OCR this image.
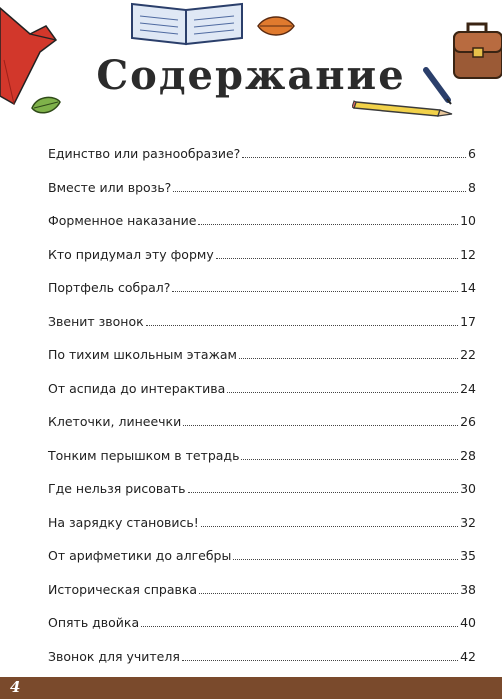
Содержание
Единство или разнообразие?	6
Вместе или врозь?	8
Форменное наказание	10
Кто придумал эту форму	12
Портфель собрал?	14
Звенит звонок	17
По тихим школьным этажам	22
От аспида до интерактива	24
Клеточки, линеечки	26
Тонким перышком в тетрадь	28
Где нельзя рисовать	30
На зарядку становись!	32
От арифметики до алгебры	35
Историческая справка	38
Опять двойка	40
Звонок для учителя	42
4
